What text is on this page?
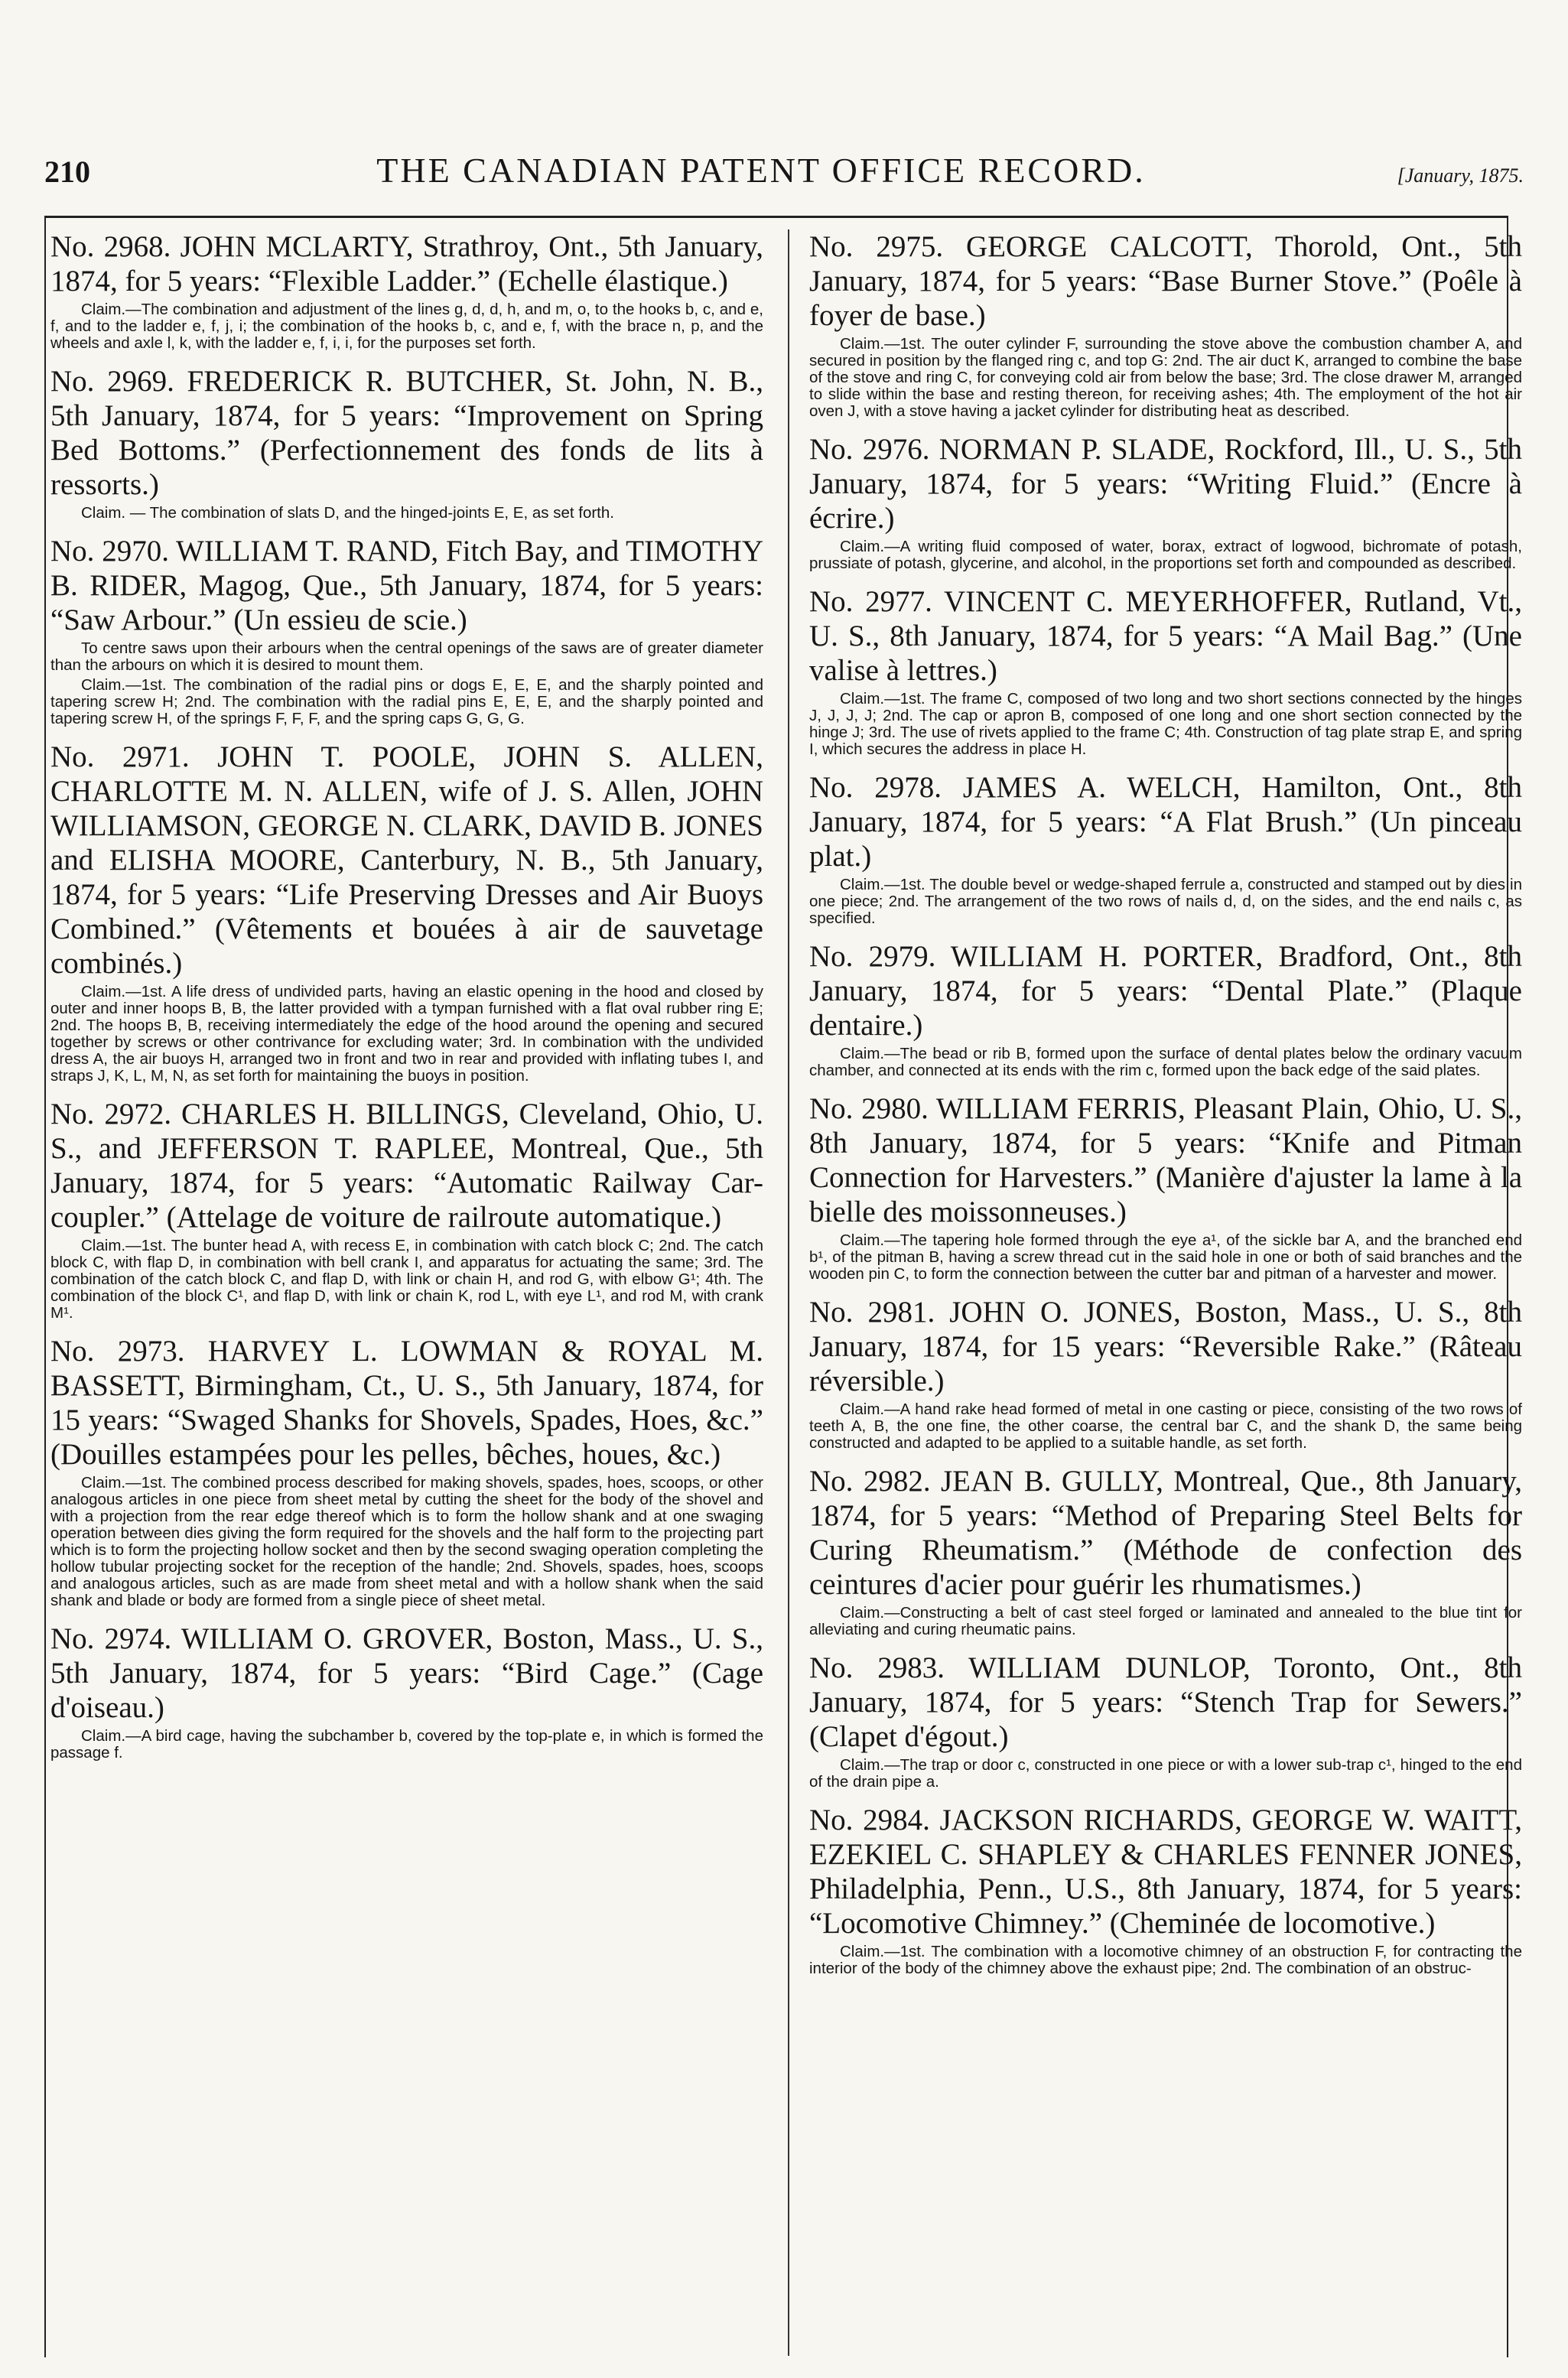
210	THE CANADIAN PATENT OFFICE RECORD.	[January, 1875.

No. 2968. JOHN MCLARTY, Strathroy, Ont., 5th January, 1874, for 5 years: “Flexible Ladder.” (Echelle élastique.)

Claim.—The combination and adjustment of the lines g, d, d, h, and m, o, to the hooks b, c, and e, f, and to the ladder e, f, j, i; the combination of the hooks b, c, and e, f, with the brace n, p, and the wheels and axle l, k, with the ladder e, f, i, i, for the purposes set forth.

No. 2969. FREDERICK R. BUTCHER, St. John, N. B., 5th January, 1874, for 5 years: “Improvement on Spring Bed Bottoms.” (Perfectionnement des fonds de lits à ressorts.)

Claim. — The combination of slats D, and the hinged-joints E, E, as set forth.

No. 2970. WILLIAM T. RAND, Fitch Bay, and TIMOTHY B. RIDER, Magog, Que., 5th January, 1874, for 5 years: “Saw Arbour.” (Un essieu de scie.)

To centre saws upon their arbours when the central openings of the saws are of greater diameter than the arbours on which it is desired to mount them.

Claim.—1st. The combination of the radial pins or dogs E, E, E, and the sharply pointed and tapering screw H; 2nd. The combination with the radial pins E, E, E, and the sharply pointed and tapering screw H, of the springs F, F, F, and the spring caps G, G, G.

No. 2971. JOHN T. POOLE, JOHN S. ALLEN, CHARLOTTE M. N. ALLEN, wife of J. S. Allen, JOHN WILLIAMSON, GEORGE N. CLARK, DAVID B. JONES and ELISHA MOORE, Canterbury, N. B., 5th January, 1874, for 5 years: “Life Preserving Dresses and Air Buoys Combined.” (Vêtements et bouées à air de sauvetage combinés.)

Claim.—1st. A life dress of undivided parts, having an elastic opening in the hood and closed by outer and inner hoops B, B, the latter provided with a tympan furnished with a flat oval rubber ring E; 2nd. The hoops B, B, receiving intermediately the edge of the hood around the opening and secured together by screws or other contrivance for excluding water; 3rd. In combination with the undivided dress A, the air buoys H, arranged two in front and two in rear and provided with inflating tubes I, and straps J, K, L, M, N, as set forth for maintaining the buoys in position.

No. 2972. CHARLES H. BILLINGS, Cleveland, Ohio, U. S., and JEFFERSON T. RAPLEE, Montreal, Que., 5th January, 1874, for 5 years: “Automatic Railway Car-coupler.” (Attelage de voiture de railroute automatique.)

Claim.—1st. The bunter head A, with recess E, in combination with catch block C; 2nd. The catch block C, with flap D, in combination with bell crank I, and apparatus for actuating the same; 3rd. The combination of the catch block C, and flap D, with link or chain H, and rod G, with elbow G¹; 4th. The combination of the block C¹, and flap D, with link or chain K, rod L, with eye L¹, and rod M, with crank M¹.

No. 2973. HARVEY L. LOWMAN & ROYAL M. BASSETT, Birmingham, Ct., U. S., 5th January, 1874, for 15 years: “Swaged Shanks for Shovels, Spades, Hoes, &c.” (Douilles estampées pour les pelles, bêches, houes, &c.)

Claim.—1st. The combined process described for making shovels, spades, hoes, scoops, or other analogous articles in one piece from sheet metal by cutting the sheet for the body of the shovel and with a projection from the rear edge thereof which is to form the hollow shank and at one swaging operation between dies giving the form required for the shovels and the half form to the projecting part which is to form the projecting hollow socket and then by the second swaging operation completing the hollow tubular projecting socket for the reception of the handle; 2nd. Shovels, spades, hoes, scoops and analogous articles, such as are made from sheet metal and with a hollow shank when the said shank and blade or body are formed from a single piece of sheet metal.

No. 2974. WILLIAM O. GROVER, Boston, Mass., U. S., 5th January, 1874, for 5 years: “Bird Cage.” (Cage d'oiseau.)

Claim.—A bird cage, having the subchamber b, covered by the top-plate e, in which is formed the passage f.

No. 2975. GEORGE CALCOTT, Thorold, Ont., 5th January, 1874, for 5 years: “Base Burner Stove.” (Poêle à foyer de base.)

Claim.—1st. The outer cylinder F, surrounding the stove above the combustion chamber A, and secured in position by the flanged ring c, and top G: 2nd. The air duct K, arranged to combine the base of the stove and ring C, for conveying cold air from below the base; 3rd. The close drawer M, arranged to slide within the base and resting thereon, for receiving ashes; 4th. The employment of the hot air oven J, with a stove having a jacket cylinder for distributing heat as described.

No. 2976. NORMAN P. SLADE, Rockford, Ill., U. S., 5th January, 1874, for 5 years: “Writing Fluid.” (Encre à écrire.)

Claim.—A writing fluid composed of water, borax, extract of logwood, bichromate of potash, prussiate of potash, glycerine, and alcohol, in the proportions set forth and compounded as described.

No. 2977. VINCENT C. MEYERHOFFER, Rutland, Vt., U. S., 8th January, 1874, for 5 years: “A Mail Bag.” (Une valise à lettres.)

Claim.—1st. The frame C, composed of two long and two short sections connected by the hinges J, J, J, J; 2nd. The cap or apron B, composed of one long and one short section connected by the hinge J; 3rd. The use of rivets applied to the frame C; 4th. Construction of tag plate strap E, and spring I, which secures the address in place H.

No. 2978. JAMES A. WELCH, Hamilton, Ont., 8th January, 1874, for 5 years: “A Flat Brush.” (Un pinceau plat.)

Claim.—1st. The double bevel or wedge-shaped ferrule a, constructed and stamped out by dies in one piece; 2nd. The arrangement of the two rows of nails d, d, on the sides, and the end nails c, as specified.

No. 2979. WILLIAM H. PORTER, Bradford, Ont., 8th January, 1874, for 5 years: “Dental Plate.” (Plaque dentaire.)

Claim.—The bead or rib B, formed upon the surface of dental plates below the ordinary vacuum chamber, and connected at its ends with the rim c, formed upon the back edge of the said plates.

No. 2980. WILLIAM FERRIS, Pleasant Plain, Ohio, U. S., 8th January, 1874, for 5 years: “Knife and Pitman Connection for Harvesters.” (Manière d'ajuster la lame à la bielle des moissonneuses.)

Claim.—The tapering hole formed through the eye a¹, of the sickle bar A, and the branched end b¹, of the pitman B, having a screw thread cut in the said hole in one or both of said branches and the wooden pin C, to form the connection between the cutter bar and pitman of a harvester and mower.

No. 2981. JOHN O. JONES, Boston, Mass., U. S., 8th January, 1874, for 15 years: “Reversible Rake.” (Râteau réversible.)

Claim.—A hand rake head formed of metal in one casting or piece, consisting of the two rows of teeth A, B, the one fine, the other coarse, the central bar C, and the shank D, the same being constructed and adapted to be applied to a suitable handle, as set forth.

No. 2982. JEAN B. GULLY, Montreal, Que., 8th January, 1874, for 5 years: “Method of Preparing Steel Belts for Curing Rheumatism.” (Méthode de confection des ceintures d'acier pour guérir les rhumatismes.)

Claim.—Constructing a belt of cast steel forged or laminated and annealed to the blue tint for alleviating and curing rheumatic pains.

No. 2983. WILLIAM DUNLOP, Toronto, Ont., 8th January, 1874, for 5 years: “Stench Trap for Sewers.” (Clapet d'égout.)

Claim.—The trap or door c, constructed in one piece or with a lower sub-trap c¹, hinged to the end of the drain pipe a.

No. 2984. JACKSON RICHARDS, GEORGE W. WAITT, EZEKIEL C. SHAPLEY & CHARLES FENNER JONES, Philadelphia, Penn., U.S., 8th January, 1874, for 5 years: “Locomotive Chimney.” (Cheminée de locomotive.)

Claim.—1st. The combination with a locomotive chimney of an obstruction F, for contracting the interior of the body of the chimney above the exhaust pipe; 2nd. The combination of an obstruc-
